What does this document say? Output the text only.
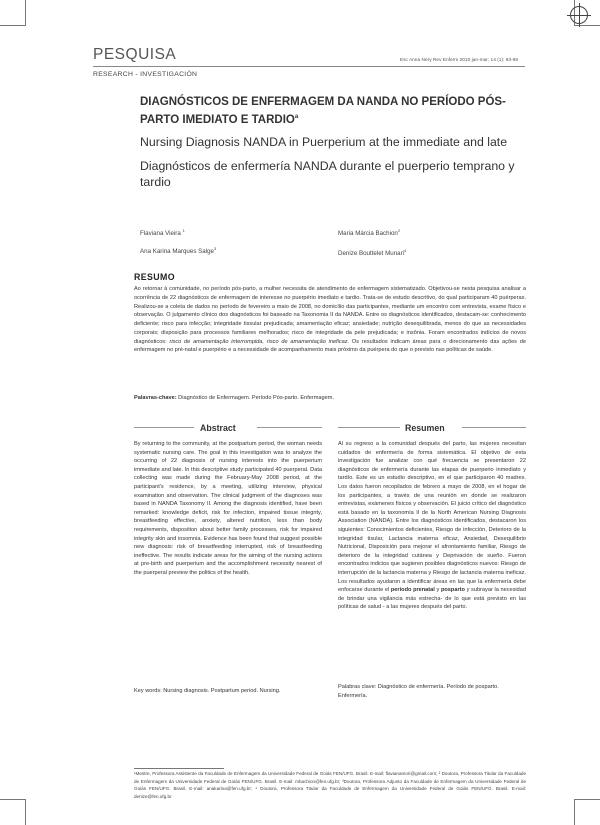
PESQUISA
RESEARCH - INVESTIGACIÓN
Esc Anna Nery Rev Enferm 2010 jan-mar; 14 (1): 83-89
DIAGNÓSTICOS DE ENFERMAGEM DA NANDA NO PERÍODO PÓS-PARTO IMEDIATO E TARDIO$^a$
Nursing Diagnosis NANDA in Puerperium at the immediate and late
Diagnósticos de enfermería NANDA durante el puerperio temprano y tardio
Flaviana Vieira $^1$	Maria Márcia Bachion$^2$
Ana Karina Marques Salge$^3$
Denize Bouttelet Munari$^4$
RESUMO
Ao retornar à comunidade, no período pós-parto, a mulher necessita de atendimento de enfermagem sistematizado. Objetivou-se nesta pesquisa analisar a ocorrência de 22 diagnósticos de enfermagem de interesse no puerpério imediato e tardio. Trata-se de estudo descritivo, do qual participaram 40 puérperas. Realizou-se a coleta de dados no período de fevereiro a maio de 2008, no domicílio das participantes, mediante um encontro com entrevista, exame físico e observação. O julgamento clínico dos diagnósticos foi baseado na Taxonomia II da NANDA. Entre os diagnósticos identificados, destacam-se: conhecimento deficiente; risco para infecção; integridade tissular prejudicada; amamentação eficaz; ansiedade; nutrição desequilibrada, menos do que as necessidades corporais; disposição para processos familiares melhorados; risco de integridade da pele prejudicada; e insônia. Foram encontrados indícios de novos diagnósticos: risco de amamentação interrompida, risco de amamentação ineficaz. Os resultados indicam áreas para o direcionamento das ações de enfermagem no pré-natal e puerpério e a necessidade de acompanhamento mais próximo da puérpera do que o previsto nas políticas de saúde.
Palavras-chave: Diagnóstico de Enfermagem. Período Pós-parto. Enfermagem.
Abstract
By returning to the community, at the postpartum period, the woman needs systematic nursing care. The goal in this investigation was to analyze the occurring of 22 diagnosis of nursing interests into the puerperium immediate and late. In this descriptive study participated 40 puerperal. Data collecting was made during the February-May 2008 period, at the participant's residence, by a meeting, utilizing interview, physical examination and observation. The clinical judgment of the diagnoses was based in NANDA Taxonomy II. Among the diagnosis identified, have been remarked: knowledge deficit, risk for infection, impaired tissue integrity, breastfeeding effective, anxiety, altered nutrition, less than body requirements, disposition about better family processes, risk for impaired integrity skin and insomnia. Evidence has been found that suggest possible new diagnosis: risk of breastfeeding interrupted, risk of breastfeeding ineffective. The results indicate areas for the aiming of the nursing actions at pre-birth and puerperium and the accomplishment necessity nearest of the puerperal preview the politics of the health.
Key words: Nursing diagnosis. Postpartum period. Nursing.
Resumen
Al su regreso a la comunidad después del parto, las mujeres necesitan cuidados de enfermería de forma sistemática. El objetivo de esta investigación fue analizar con qué frecuencia se presentaron 22 diagnósticos de enfermería durante las etapas de puerperio inmediato y tardío. Este es un estudio descriptivo, en el que participaron 40 madres. Los datos fueron recopilados de febrero a mayo de 2008, en el hogar de los participantes, a través de una reunión en donde se realizaron entrevistas, exámenes físicos y observación. El juicio crítico del diagnóstico está basado en la taxonomía II de la North American Nursing Diagnosis Association (NANDA). Entre los diagnósticos identificados, destacaron los siguientes: Conocimientos deficientes, Riesgo de infección, Deterioro de la integridad tisular, Lactancia materna eficaz, Ansiedad, Desequilibrio Nutricional, Disposición para mejorar el afrontamiento familiar, Riesgo de deterioro de la integridad cutánea y Deprivación de sueño. Fueron encontrados indicios que sugieren posibles diagnósticos nuevos: Riesgo de interrupción de la lactancia materna y Riesgo de lactancia materna ineficaz. Los resultados ayudaron a identificar áreas en las que la enfermería debe enfocarse durante el período prenatal y posparto y subrayar la necesidad de brindar una vigilancia más estrecha- de lo que está previsto en las políticas de salud - a las mujeres después del parto.
Palabras clave: Diagnóstico de enfermería. Período de posparto. Enfermería.
¹Mestre, Professora Assistente da Faculdade de Enfermagem da Universidade Federal de Goiás FEN/UFG. Brasil. E-mail: flavianamori@gmail.com; ² Doutora, Professora Titular da Faculdade de Enfermagem da Universidade Federal de Goiás FEN/UFG. Brasil. E-mail: mbachion@fen.ufg.br; ³Doutora, Professora Adjunto da Faculdade de Enfermagem da Universidade Federal de Goiás FEN/UFG. Brasil. E-mail: anakarina@fen.ufg.br; ⁴ Doutora, Professora Titular da Faculdade de Enfermagem da Universidade Federal de Goiás FEN/UFG. Brasil. E-mail: denize@fen.ufg.br
